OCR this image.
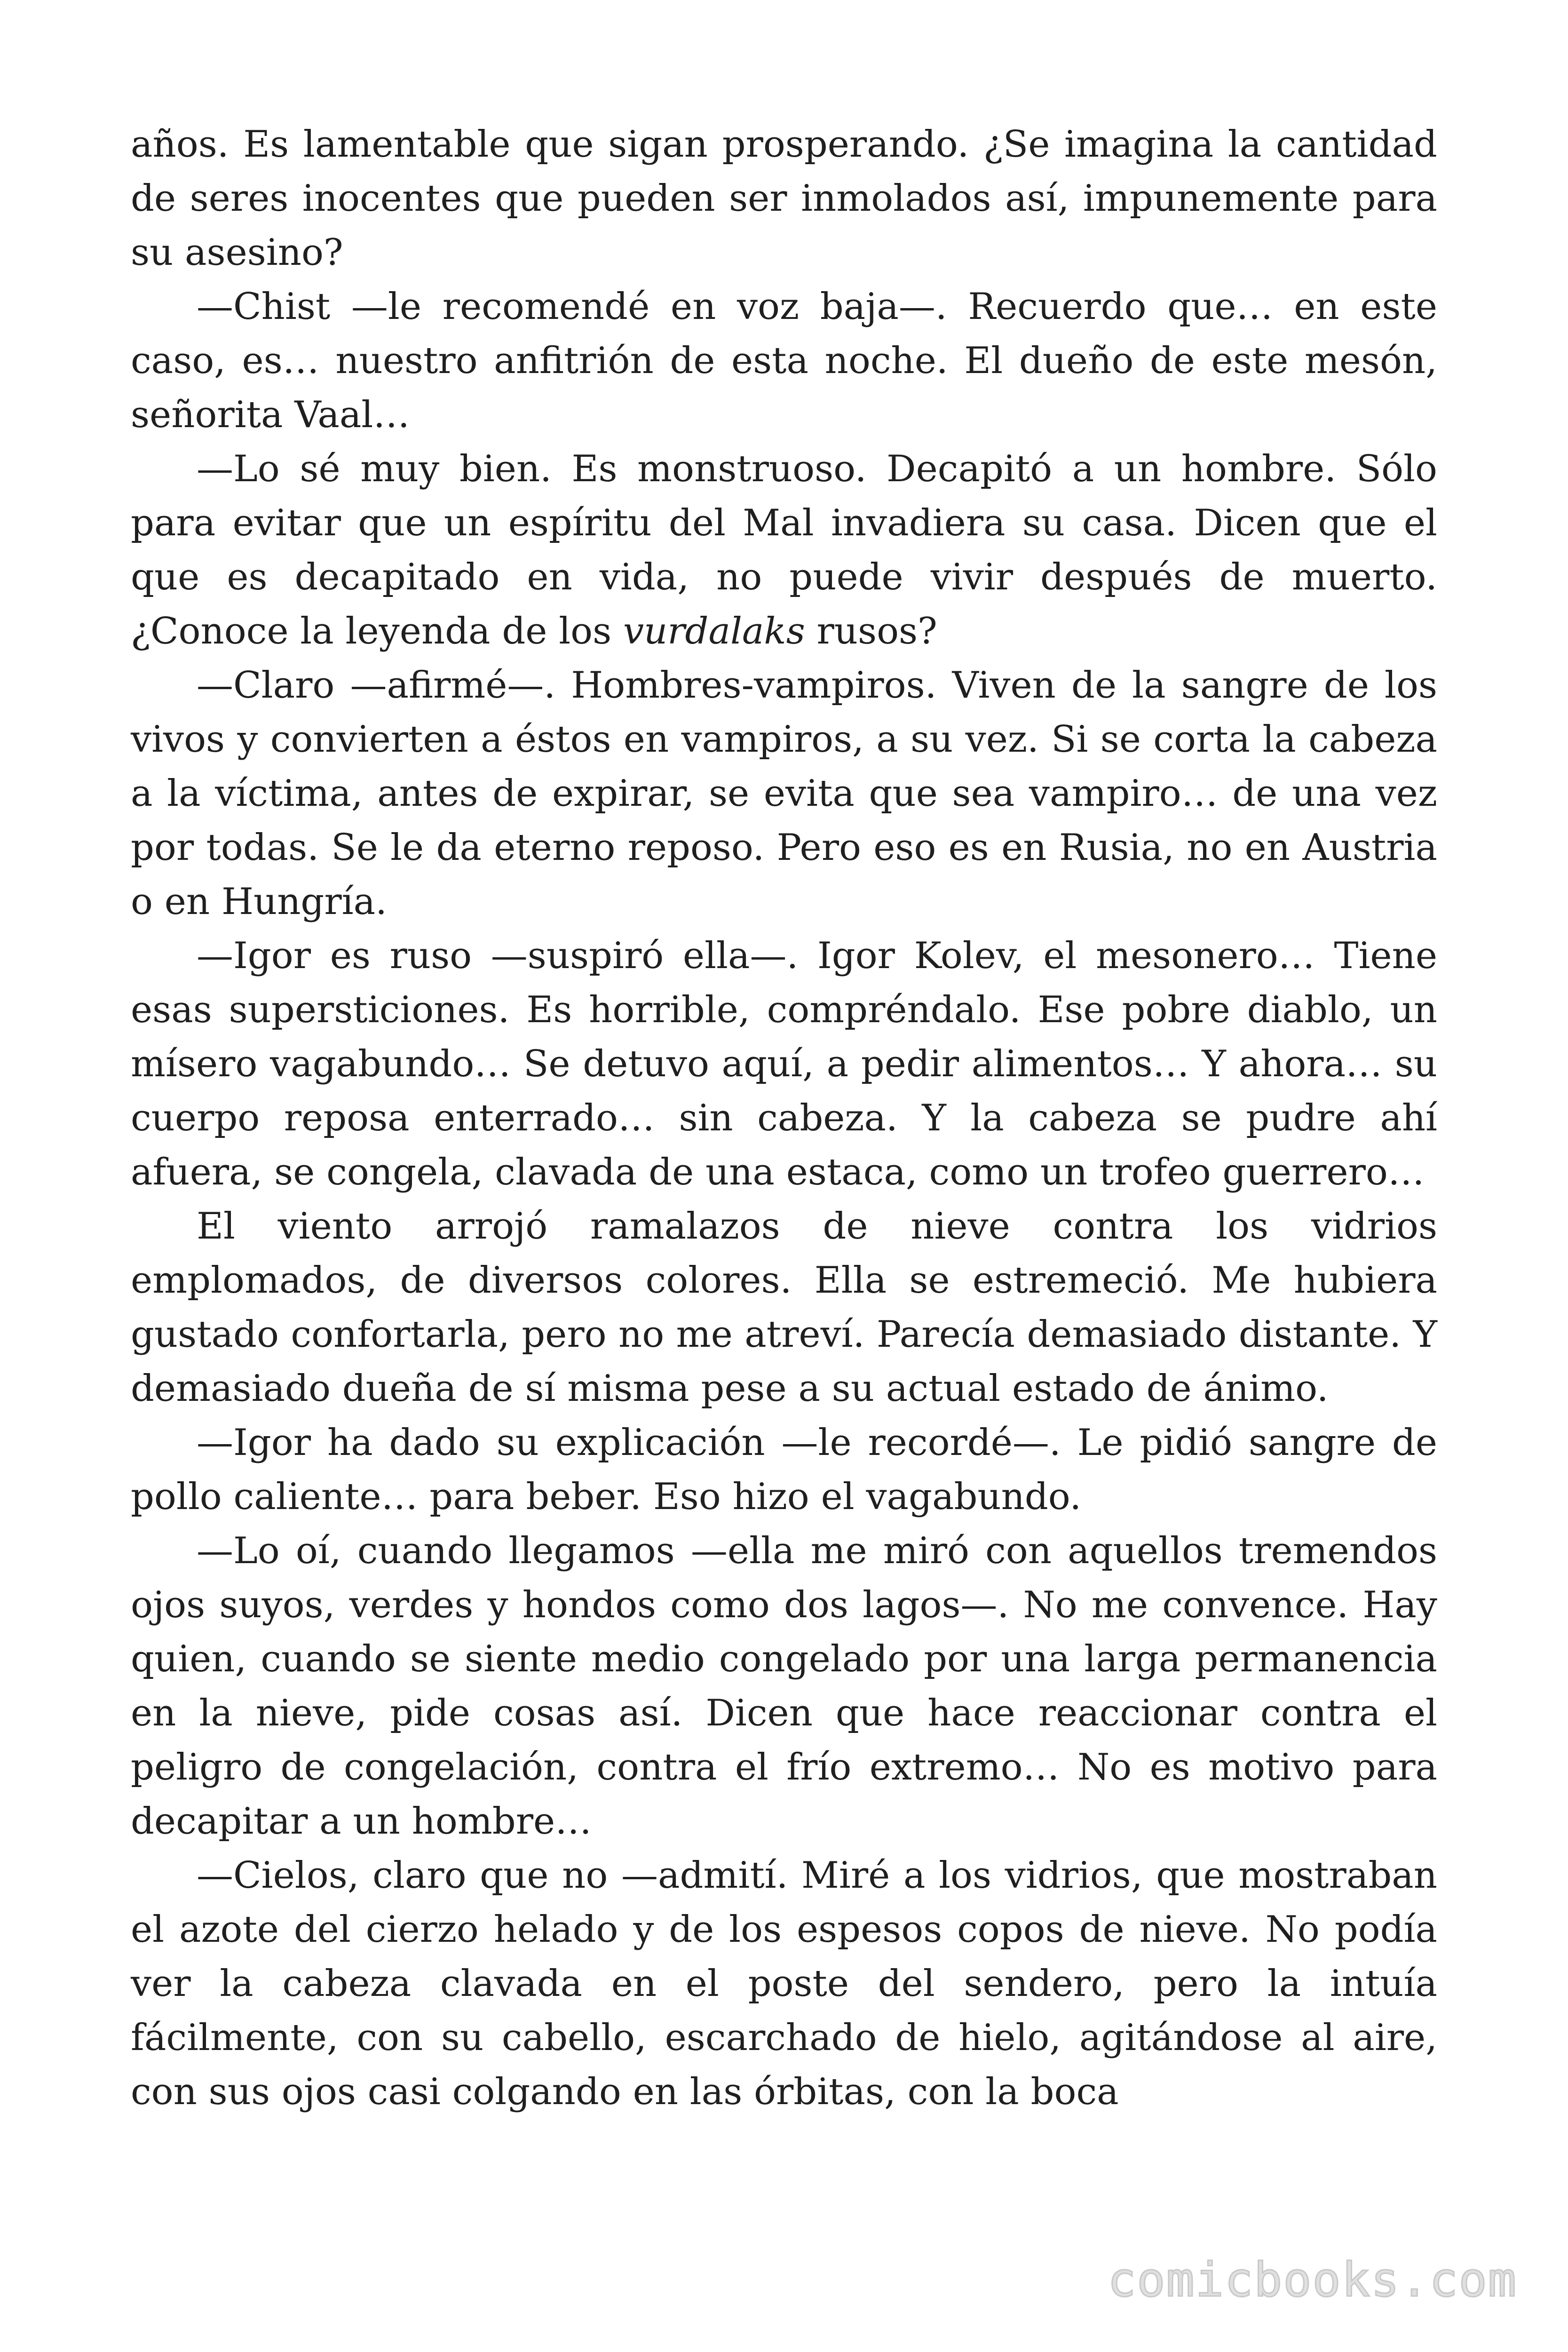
años. Es lamentable que sigan prosperando. ¿Se imagina la cantidad de seres inocentes que pueden ser inmolados así, impunemente para su asesino?

—Chist —le recomendé en voz baja—. Recuerdo que… en este caso, es… nuestro anfitrión de esta noche. El dueño de este mesón, señorita Vaal…

—Lo sé muy bien. Es monstruoso. Decapitó a un hombre. Sólo para evitar que un espíritu del Mal invadiera su casa. Dicen que el que es decapitado en vida, no puede vivir después de muerto. ¿Conoce la leyenda de los vurdalaks rusos?

—Claro —afirmé—. Hombres-vampiros. Viven de la sangre de los vivos y convierten a éstos en vampiros, a su vez. Si se corta la cabeza a la víctima, antes de expirar, se evita que sea vampiro… de una vez por todas. Se le da eterno reposo. Pero eso es en Rusia, no en Austria o en Hungría.

—Igor es ruso —suspiró ella—. Igor Kolev, el mesonero… Tiene esas supersticiones. Es horrible, compréndalo. Ese pobre diablo, un mísero vagabundo… Se detuvo aquí, a pedir alimentos… Y ahora… su cuerpo reposa enterrado… sin cabeza. Y la cabeza se pudre ahí afuera, se congela, clavada de una estaca, como un trofeo guerrero…

El viento arrojó ramalazos de nieve contra los vidrios emplomados, de diversos colores. Ella se estremeció. Me hubiera gustado confortarla, pero no me atreví. Parecía demasiado distante. Y demasiado dueña de sí misma pese a su actual estado de ánimo.

—Igor ha dado su explicación —le recordé—. Le pidió sangre de pollo caliente… para beber. Eso hizo el vagabundo.

—Lo oí, cuando llegamos —ella me miró con aquellos tremendos ojos suyos, verdes y hondos como dos lagos—. No me convence. Hay quien, cuando se siente medio congelado por una larga permanencia en la nieve, pide cosas así. Dicen que hace reaccionar contra el peligro de congelación, contra el frío extremo… No es motivo para decapitar a un hombre…

—Cielos, claro que no —admití. Miré a los vidrios, que mostraban el azote del cierzo helado y de los espesos copos de nieve. No podía ver la cabeza clavada en el poste del sendero, pero la intuía fácilmente, con su cabello, escarchado de hielo, agitándose al aire, con sus ojos casi colgando en las órbitas, con la boca

comicbooks.com
